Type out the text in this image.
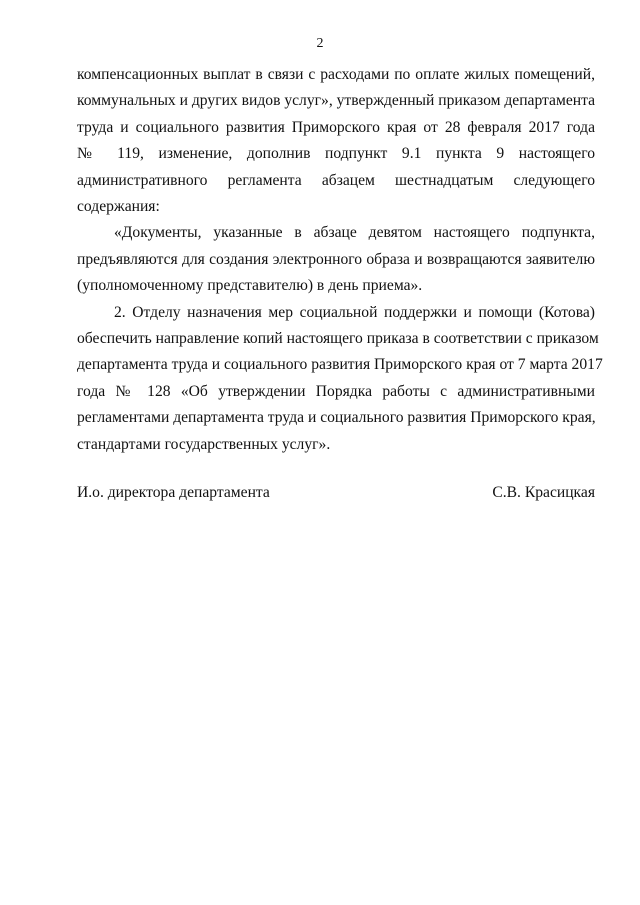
2
компенсационных выплат в связи с расходами по оплате жилых помещений,
коммунальных и других видов услуг», утвержденный приказом департамента
труда и социального развития Приморского края от 28 февраля 2017 года
№ 119, изменение, дополнив подпункт 9.1 пункта 9 настоящего
административного регламента абзацем шестнадцатым следующего
содержания:
«Документы, указанные в абзаце девятом настоящего подпункта,
предъявляются для создания электронного образа и возвращаются заявителю
(уполномоченному представителю) в день приема».
2. Отделу назначения мер социальной поддержки и помощи (Котова)
обеспечить направление копий настоящего приказа в соответствии с приказом
департамента труда и социального развития Приморского края от 7 марта 2017
года № 128 «Об утверждении Порядка работы с административными
регламентами департамента труда и социального развития Приморского края,
стандартами государственных услуг».
И.о. директора департамента	С.В. Красицкая
